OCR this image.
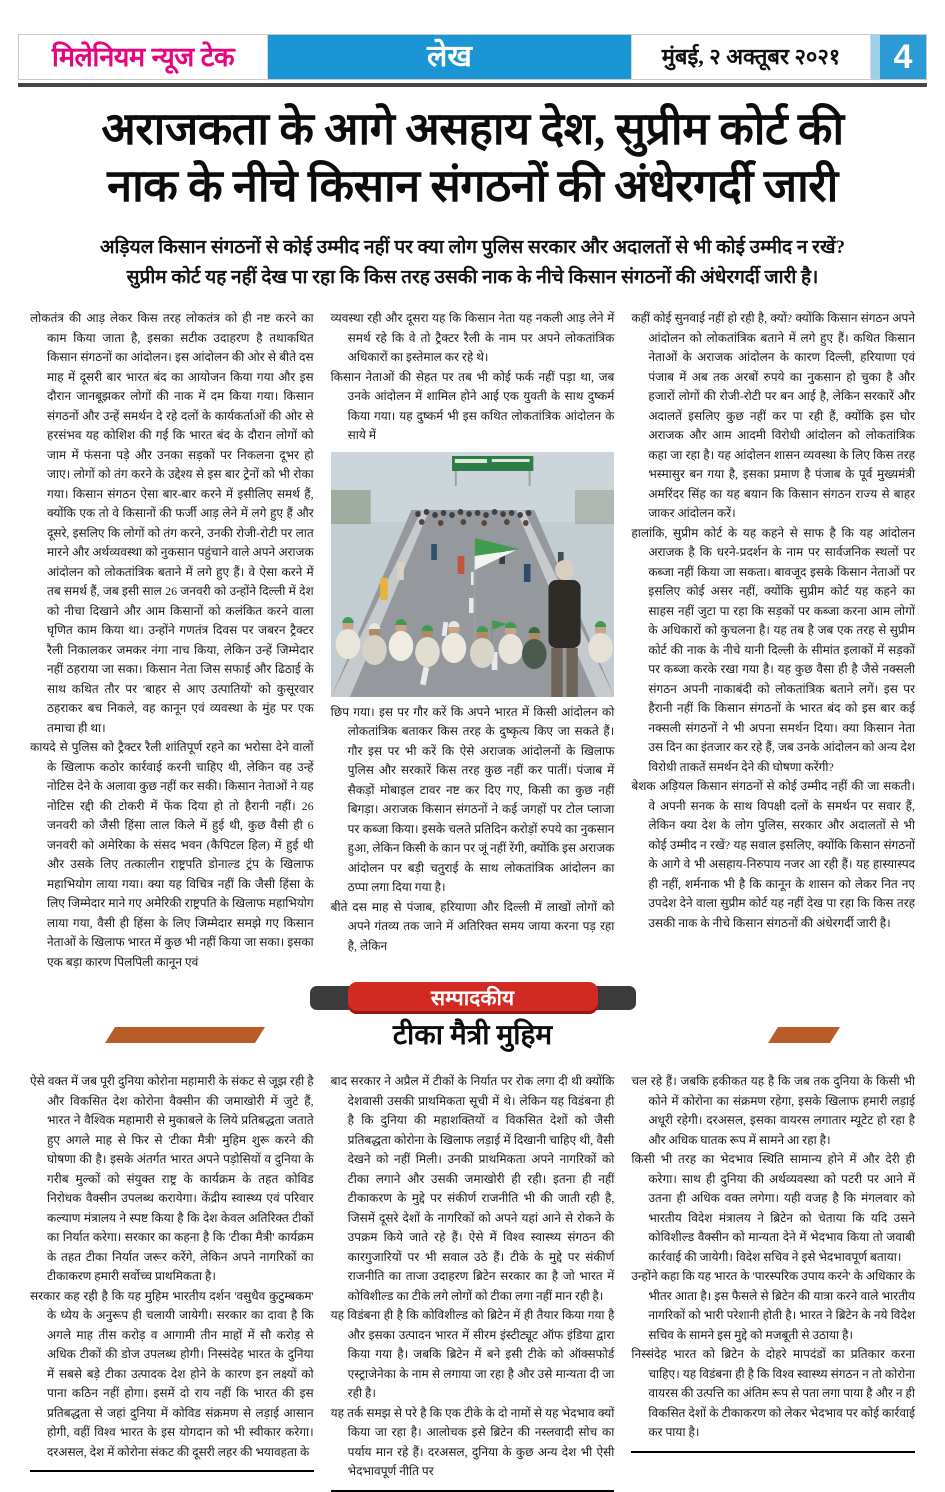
मिलेनियम न्यूज टेक	लेख	मुंबई, २ अक्तूबर २०२१ 4
अराजकता के आगे असहाय देश, सुप्रीम कोर्ट की
नाक के नीचे किसान संगठनों की अंधेरगर्दी जारी
अड़ियल किसान संगठनों से कोई उम्मीद नहीं पर क्या लोग पुलिस सरकार और अदालतों से भी कोई उम्मीद न रखें?
सुप्रीम कोर्ट यह नहीं देख पा रहा कि किस तरह उसकी नाक के नीचे किसान संगठनों की अंधेरगर्दी जारी है।

लोकतंत्र की आड़ लेकर किस तरह लोकतंत्र को ही नष्ट करने का काम किया जाता है, इसका सटीक उदाहरण है तथाकथित किसान संगठनों का आंदोलन। इस आंदोलन की ओर से बीते दस माह में दूसरी बार भारत बंद का आयोजन किया गया और इस दौरान जानबूझकर लोगों की नाक में दम किया गया। किसान संगठनों और उन्हें समर्थन दे रहे दलों के कार्यकर्ताओं की ओर से हरसंभव यह कोशिश की गई कि भारत बंद के दौरान लोगों को जाम में फंसना पड़े और उनका सड़कों पर निकलना दूभर हो जाए। लोगों को तंग करने के उद्देश्य से इस बार ट्रेनों को भी रोका गया। किसान संगठन ऐसा बार-बार करने में इसीलिए समर्थ हैं, क्योंकि एक तो वे किसानों की फर्जी आड़ लेने में लगे हुए हैं और दूसरे, इसलिए कि लोगों को तंग करने, उनकी रोजी-रोटी पर लात मारने और अर्थव्यवस्था को नुकसान पहुंचाने वाले अपने अराजक आंदोलन को लोकतांत्रिक बताने में लगे हुए हैं। वे ऐसा करने में तब समर्थ हैं, जब इसी साल 26 जनवरी को उन्होंने दिल्ली में देश को नीचा दिखाने और आम किसानों को कलंकित करने वाला घृणित काम किया था। उन्होंने गणतंत्र दिवस पर जबरन ट्रैक्टर रैली निकालकर जमकर नंगा नाच किया, लेकिन उन्हें जिम्मेदार नहीं ठहराया जा सका। किसान नेता जिस सफाई और ढिठाई के साथ कथित तौर पर 'बाहर से आए उत्पातियों' को कुसूरवार ठहराकर बच निकले, वह कानून एवं व्यवस्था के मुंह पर एक तमाचा ही था।

कायदे से पुलिस को ट्रैक्टर रैली शांतिपूर्ण रहने का भरोसा देने वालों के खिलाफ कठोर कार्रवाई करनी चाहिए थी, लेकिन वह उन्हें नोटिस देने के अलावा कुछ नहीं कर सकी। किसान नेताओं ने यह नोटिस रद्दी की टोकरी में फेंक दिया हो तो हैरानी नहीं। 26 जनवरी को जैसी हिंसा लाल किले में हुई थी, कुछ वैसी ही 6 जनवरी को अमेरिका के संसद भवन (कैपिटल हिल) में हुई थी और उसके लिए तत्कालीन राष्ट्रपति डोनाल्ड ट्रंप के खिलाफ महाभियोग लाया गया। क्या यह विचित्र नहीं कि जैसी हिंसा के लिए जिम्मेदार माने गए अमेरिकी राष्ट्रपति के खिलाफ महाभियोग लाया गया, वैसी ही हिंसा के लिए जिम्मेदार समझे गए किसान नेताओं के खिलाफ भारत में कुछ भी नहीं किया जा सका। इसका एक बड़ा कारण पिलपिली कानून एवं

व्यवस्था रही और दूसरा यह कि किसान नेता यह नकली आड़ लेने में समर्थ रहे कि वे तो ट्रैक्टर रैली के नाम पर अपने लोकतांत्रिक अधिकारों का इस्तेमाल कर रहे थे।

किसान नेताओं की सेहत पर तब भी कोई फर्क नहीं पड़ा था, जब उनके आंदोलन में शामिल होने आई एक युवती के साथ दुष्कर्म किया गया। यह दुष्कर्म भी इस कथित लोकतांत्रिक आंदोलन के साये में

छिप गया। इस पर गौर करें कि अपने भारत में किसी आंदोलन को लोकतांत्रिक बताकर किस तरह के दुष्कृत्य किए जा सकते हैं। गौर इस पर भी करें कि ऐसे अराजक आंदोलनों के खिलाफ पुलिस और सरकारें किस तरह कुछ नहीं कर पातीं। पंजाब में सैकड़ों मोबाइल टावर नष्ट कर दिए गए, किसी का कुछ नहीं बिगड़ा। अराजक किसान संगठनों ने कई जगहों पर टोल प्लाजा पर कब्जा किया। इसके चलते प्रतिदिन करोड़ों रुपये का नुकसान हुआ, लेकिन किसी के कान पर जूं नहीं रेंगी, क्योंकि इस अराजक आंदोलन पर बड़ी चतुराई के साथ लोकतांत्रिक आंदोलन का ठप्पा लगा दिया गया है।

बीते दस माह से पंजाब, हरियाणा और दिल्ली में लाखों लोगों को अपने गंतव्य तक जाने में अतिरिक्त समय जाया करना पड़ रहा है, लेकिन

कहीं कोई सुनवाई नहीं हो रही है, क्यों? क्योंकि किसान संगठन अपने आंदोलन को लोकतांत्रिक बताने में लगे हुए हैं। कथित किसान नेताओं के अराजक आंदोलन के कारण दिल्ली, हरियाणा एवं पंजाब में अब तक अरबों रुपये का नुकसान हो चुका है और हजारों लोगों की रोजी-रोटी पर बन आई है, लेकिन सरकारें और अदालतें इसलिए कुछ नहीं कर पा रही हैं, क्योंकि इस घोर अराजक और आम आदमी विरोधी आंदोलन को लोकतांत्रिक कहा जा रहा है। यह आंदोलन शासन व्यवस्था के लिए किस तरह भस्मासुर बन गया है, इसका प्रमाण है पंजाब के पूर्व मुख्यमंत्री अमरिंदर सिंह का यह बयान कि किसान संगठन राज्य से बाहर जाकर आंदोलन करें।

हालांकि, सुप्रीम कोर्ट के यह कहने से साफ है कि यह आंदोलन अराजक है कि धरने-प्रदर्शन के नाम पर सार्वजनिक स्थलों पर कब्जा नहीं किया जा सकता। बावजूद इसके किसान नेताओं पर इसलिए कोई असर नहीं, क्योंकि सुप्रीम कोर्ट यह कहने का साहस नहीं जुटा पा रहा कि सड़कों पर कब्जा करना आम लोगों के अधिकारों को कुचलना है। यह तब है जब एक तरह से सुप्रीम कोर्ट की नाक के नीचे यानी दिल्ली के सीमांत इलाकों में सड़कों पर कब्जा करके रखा गया है। यह कुछ वैसा ही है जैसे नक्सली संगठन अपनी नाकाबंदी को लोकतांत्रिक बताने लगें। इस पर हैरानी नहीं कि किसान संगठनों के भारत बंद को इस बार कई नक्सली संगठनों ने भी अपना समर्थन दिया। क्या किसान नेता उस दिन का इंतजार कर रहे हैं, जब उनके आंदोलन को अन्य देश विरोधी ताकतें समर्थन देने की घोषणा करेंगी?

बेशक अड़ियल किसान संगठनों से कोई उम्मीद नहीं की जा सकती। वे अपनी सनक के साथ विपक्षी दलों के समर्थन पर सवार हैं, लेकिन क्या देश के लोग पुलिस, सरकार और अदालतों से भी कोई उम्मीद न रखें? यह सवाल इसलिए, क्योंकि किसान संगठनों के आगे वे भी असहाय-निरुपाय नजर आ रही हैं। यह हास्यास्पद ही नहीं, शर्मनाक भी है कि कानून के शासन को लेकर नित नए उपदेश देने वाला सुप्रीम कोर्ट यह नहीं देख पा रहा कि किस तरह उसकी नाक के नीचे किसान संगठनों की अंधेरगर्दी जारी है।

सम्पादकीय
टीका मैत्री मुहिम

ऐसे वक्त में जब पूरी दुनिया कोरोना महामारी के संकट से जूझ रही है और विकसित देश कोरोना वैक्सीन की जमाखोरी में जुटे हैं, भारत ने वैश्विक महामारी से मुकाबले के लिये प्रतिबद्धता जताते हुए अगले माह से फिर से 'टीका मैत्री' मुहिम शुरू करने की घोषणा की है। इसके अंतर्गत भारत अपने पड़ोसियों व दुनिया के गरीब मुल्कों को संयुक्त राष्ट्र के कार्यक्रम के तहत कोविड निरोधक वैक्सीन उपलब्ध करायेगा। केंद्रीय स्वास्थ्य एवं परिवार कल्याण मंत्रालय ने स्पष्ट किया है कि देश केवल अतिरिक्त टीकों का निर्यात करेगा। सरकार का कहना है कि 'टीका मैत्री' कार्यक्रम के तहत टीका निर्यात जरूर करेंगे, लेकिन अपने नागरिकों का टीकाकरण हमारी सर्वोच्च प्राथमिकता है।

सरकार कह रही है कि यह मुहिम भारतीय दर्शन 'वसुधैव कुटुम्बकम' के ध्येय के अनुरूप ही चलायी जायेगी। सरकार का दावा है कि अगले माह तीस करोड़ व आगामी तीन माहों में सौ करोड़ से अधिक टीकों की डोज उपलब्ध होगी। निस्संदेह भारत के दुनिया में सबसे बड़े टीका उत्पादक देश होने के कारण इन लक्ष्यों को पाना कठिन नहीं होगा। इसमें दो राय नहीं कि भारत की इस प्रतिबद्धता से जहां दुनिया में कोविड संक्रमण से लड़ाई आसान होगी, वहीं विश्व भारत के इस योगदान को भी स्वीकार करेगा। दरअसल, देश में कोरोना संकट की दूसरी लहर की भयावहता के

बाद सरकार ने अप्रैल में टीकों के निर्यात पर रोक लगा दी थी क्योंकि देशवासी उसकी प्राथमिकता सूची में थे। लेकिन यह विडंबना ही है कि दुनिया की महाशक्तियों व विकसित देशों को जैसी प्रतिबद्धता कोरोना के खिलाफ लड़ाई में दिखानी चाहिए थी, वैसी देखने को नहीं मिली। उनकी प्राथमिकता अपने नागरिकों को टीका लगाने और उसकी जमाखोरी ही रही। इतना ही नहीं टीकाकरण के मुद्दे पर संकीर्ण राजनीति भी की जाती रही है, जिसमें दूसरे देशों के नागरिकों को अपने यहां आने से रोकने के उपक्रम किये जाते रहे हैं। ऐसे में विश्व स्वास्थ्य संगठन की कारगुजारियों पर भी सवाल उठे हैं। टीके के मुद्दे पर संकीर्ण राजनीति का ताजा उदाहरण ब्रिटेन सरकार का है जो भारत में कोविशील्ड का टीके लगे लोगों को टीका लगा नहीं मान रही है।

यह विडंबना ही है कि कोविशील्ड को ब्रिटेन में ही तैयार किया गया है और इसका उत्पादन भारत में सीरम इंस्टीट्यूट ऑफ इंडिया द्वारा किया गया है। जबकि ब्रिटेन में बने इसी टीके को ऑक्सफोर्ड एस्ट्राजेनेका के नाम से लगाया जा रहा है और उसे मान्यता दी जा रही है।

यह तर्क समझ से परे है कि एक टीके के दो नामों से यह भेदभाव क्यों किया जा रहा है। आलोचक इसे ब्रिटेन की नस्लवादी सोच का पर्याय मान रहे हैं। दरअसल, दुनिया के कुछ अन्य देश भी ऐसी भेदभावपूर्ण नीति पर

चल रहे हैं। जबकि हकीकत यह है कि जब तक दुनिया के किसी भी कोने में कोरोना का संक्रमण रहेगा, इसके खिलाफ हमारी लड़ाई अधूरी रहेगी। दरअसल, इसका वायरस लगातार म्यूटेट हो रहा है और अधिक घातक रूप में सामने आ रहा है।

किसी भी तरह का भेदभाव स्थिति सामान्य होने में और देरी ही करेगा। साथ ही दुनिया की अर्थव्यवस्था को पटरी पर आने में उतना ही अधिक वक्त लगेगा। यही वजह है कि मंगलवार को भारतीय विदेश मंत्रालय ने ब्रिटेन को चेताया कि यदि उसने कोविशील्ड वैक्सीन को मान्यता देने में भेदभाव किया तो जवाबी कार्रवाई की जायेगी। विदेश सचिव ने इसे भेदभावपूर्ण बताया।

उन्होंने कहा कि यह भारत के 'पारस्परिक उपाय करने' के अधिकार के भीतर आता है। इस फैसले से ब्रिटेन की यात्रा करने वाले भारतीय नागरिकों को भारी परेशानी होती है। भारत ने ब्रिटेन के नये विदेश सचिव के सामने इस मुद्दे को मजबूती से उठाया है।

निस्संदेह भारत को ब्रिटेन के दोहरे मापदंडों का प्रतिकार करना चाहिए। यह विडंबना ही है कि विश्व स्वास्थ्य संगठन न तो कोरोना वायरस की उत्पत्ति का अंतिम रूप से पता लगा पाया है और न ही विकसित देशों के टीकाकरण को लेकर भेदभाव पर कोई कार्रवाई कर पाया है।
